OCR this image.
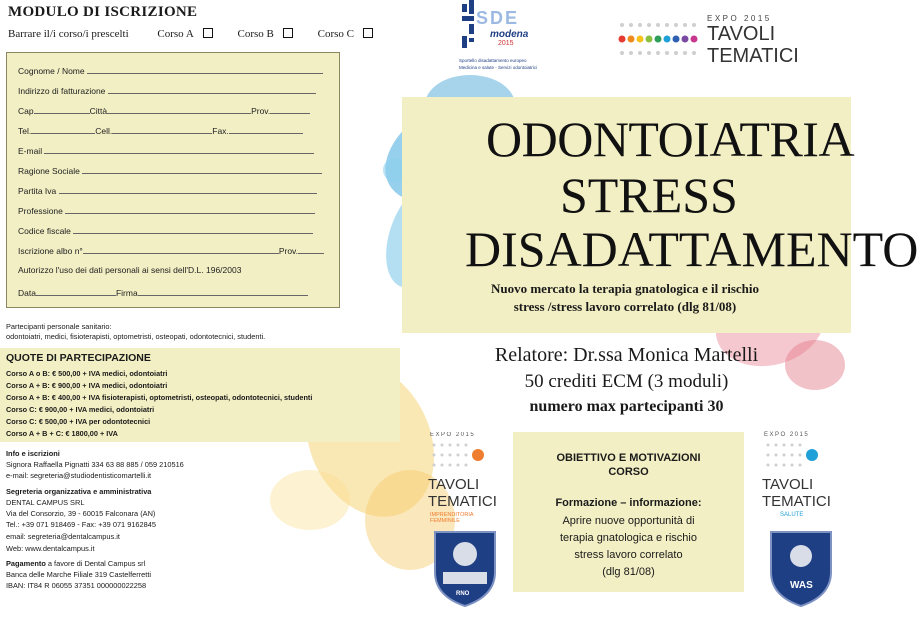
MODULO DI ISCRIZIONE
Barrare il/i corso/i prescelti	Corso A	Corso B	Corso C
Cognome / Nome
Indirizzo di fatturazione
Cap	Città	Prov.
Tel.	Cell.	Fax.
E-mail
Ragione Sociale
Partita Iva
Professione
Codice fiscale
Iscrizione albo n°	Prov.
Autorizzo l'uso dei dati personali ai sensi dell'D.L. 196/2003
Data	Firma
Partecipanti personale sanitario:
odontoiatri, medici, fisioterapisti, optometristi, osteopati, odontotecnici, studenti.
QUOTE DI PARTECIPAZIONE
Corso A o B: € 500,00 + IVA medici, odontoiatri
Corso A + B: € 900,00 + IVA medici, odontoiatri
Corso A + B: € 400,00 + IVA fisioterapisti, optometristi, osteopati, odontotecnici, studenti
Corso C: € 900,00 + IVA medici, odontoiatri
Corso C: € 500,00 + IVA per odontotecnici
Corso A + B + C: € 1800,00 + IVA
Info e iscrizioni
Signora Raffaella Pignatti 334 63 88 885 / 059 210516
e-mail: segreteria@studiodentisticomartelli.it
Segreteria organizzativa e amministrativa
DENTAL CAMPUS SRL
Via del Consorzio, 39 - 60015 Falconara (AN)
Tel.: +39 071 918469 - Fax: +39 071 9162845
email: segreteria@dentalcampus.it
Web: www.dentalcampus.it
Pagamento a favore di Dental Campus srl
Banca delle Marche Filiale 319 Castelferretti
IBAN: IT84 R 06055 37351 000000022258
SDE
modena
2015
Sportello disadattamento europeo
Medicina e salute - Servizi odontoiatrici
EXPO 2015
TAVOLI
TEMATICI
ODONTOIATRIA
STRESS
DISADATTAMENTO
Nuovo mercato la terapia gnatologica e il rischio
stress /stress lavoro correlato (dlg 81/08)
Relatore: Dr.ssa Monica Martelli
50 crediti ECM (3 moduli)
numero max partecipanti 30
OBIETTIVO E MOTIVAZIONI
CORSO
Formazione – informazione:
Aprire nuove opportunità di
terapia gnatologica e rischio
stress lavoro correlato
(dlg 81/08)
EXPO 2015
TAVOLI
TEMATICI
IMPRENDITORIA
FEMMINILE
RNO
EXPO 2015
TAVOLI
TEMATICI
SALUTE
WAS
